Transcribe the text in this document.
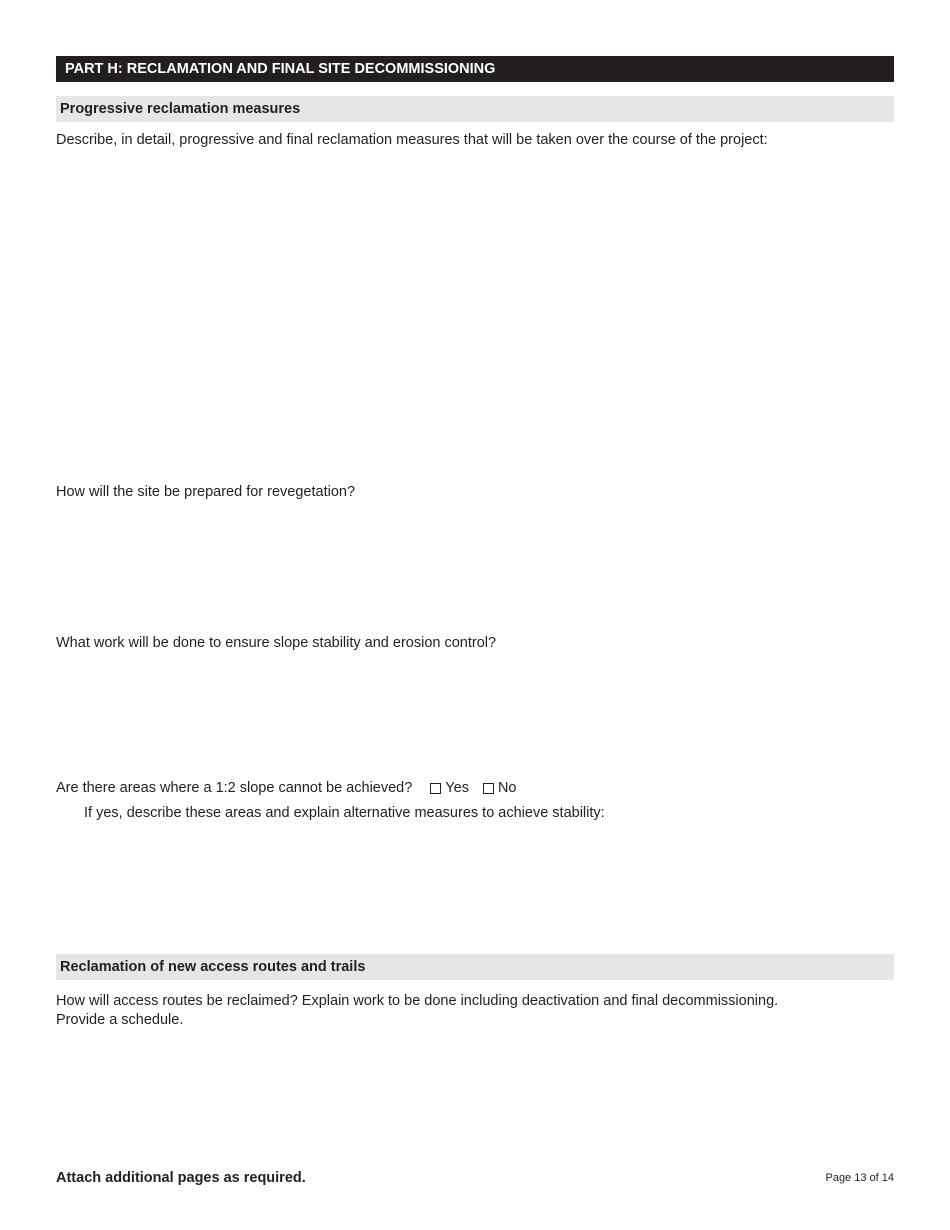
PART H: RECLAMATION AND FINAL SITE DECOMMISSIONING
Progressive reclamation measures
Describe, in detail, progressive and final reclamation measures that will be taken over the course of the project:
How will the site be prepared for revegetation?
What work will be done to ensure slope stability and erosion control?
Are there areas where a 1:2 slope cannot be achieved? Yes No
If yes, describe these areas and explain alternative measures to achieve stability:
Reclamation of new access routes and trails
How will access routes be reclaimed? Explain work to be done including deactivation and final decommissioning.
Provide a schedule.
Attach additional pages as required.	Page 13 of 14
